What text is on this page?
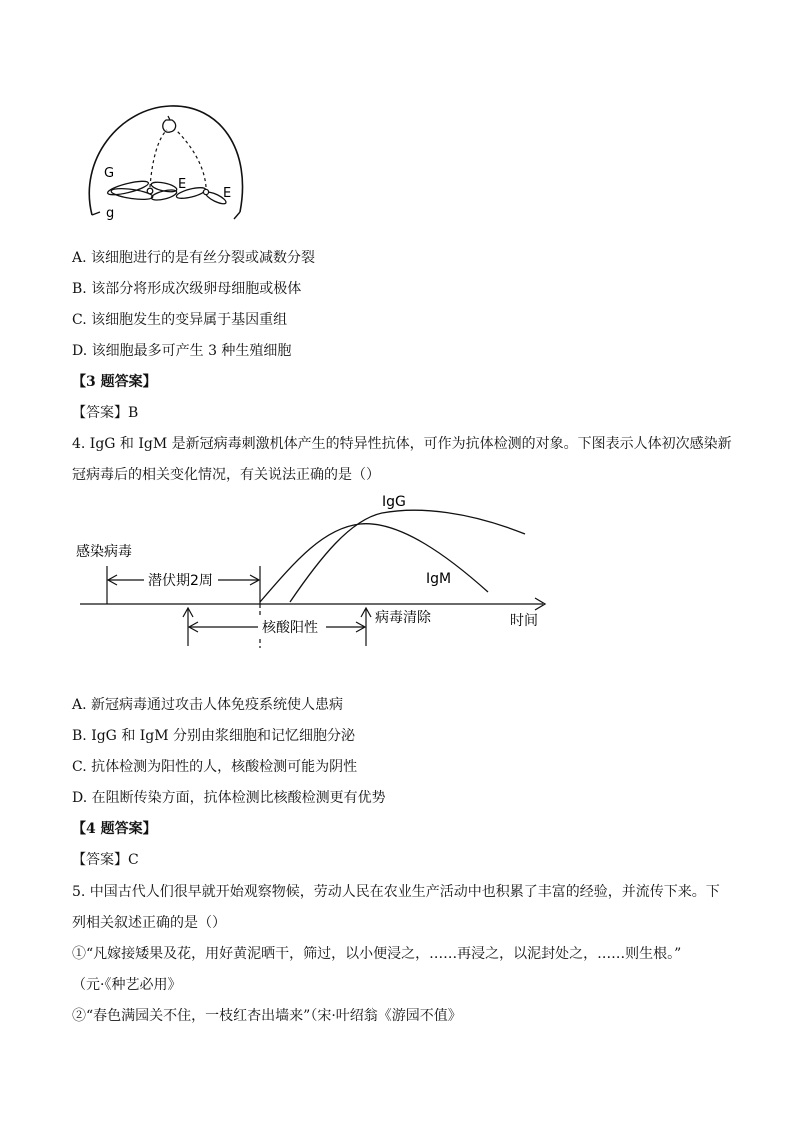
G
g
E
E
A. 该细胞进行的是有丝分裂或减数分裂
B. 该部分将形成次级卵母细胞或极体
C. 该细胞发生的变异属于基因重组
D. 该细胞最多可产生 3 种生殖细胞
【3 题答案】
【答案】B
4. IgG 和 IgM 是新冠病毒刺激机体产生的特异性抗体，可作为抗体检测的对象。下图表示人体初次感染新
冠病毒后的相关变化情况，有关说法正确的是（）
IgG
IgM
感染病毒
潜伏期2周
核酸阳性
病毒清除	时间
A. 新冠病毒通过攻击人体免疫系统使人患病
B. IgG 和 IgM 分别由浆细胞和记忆细胞分泌
C. 抗体检测为阳性的人，核酸检测可能为阴性
D. 在阻断传染方面，抗体检测比核酸检测更有优势
【4 题答案】
【答案】C
5. 中国古代人们很早就开始观察物候，劳动人民在农业生产活动中也积累了丰富的经验，并流传下来。下
列相关叙述正确的是（）
①“凡嫁接矮果及花，用好黄泥晒干，筛过，以小便浸之，……再浸之，以泥封处之，……则生根。”
（元·《种艺必用》
②“春色满园关不住，一枝红杏出墙来”（宋·叶绍翁《游园不值》
